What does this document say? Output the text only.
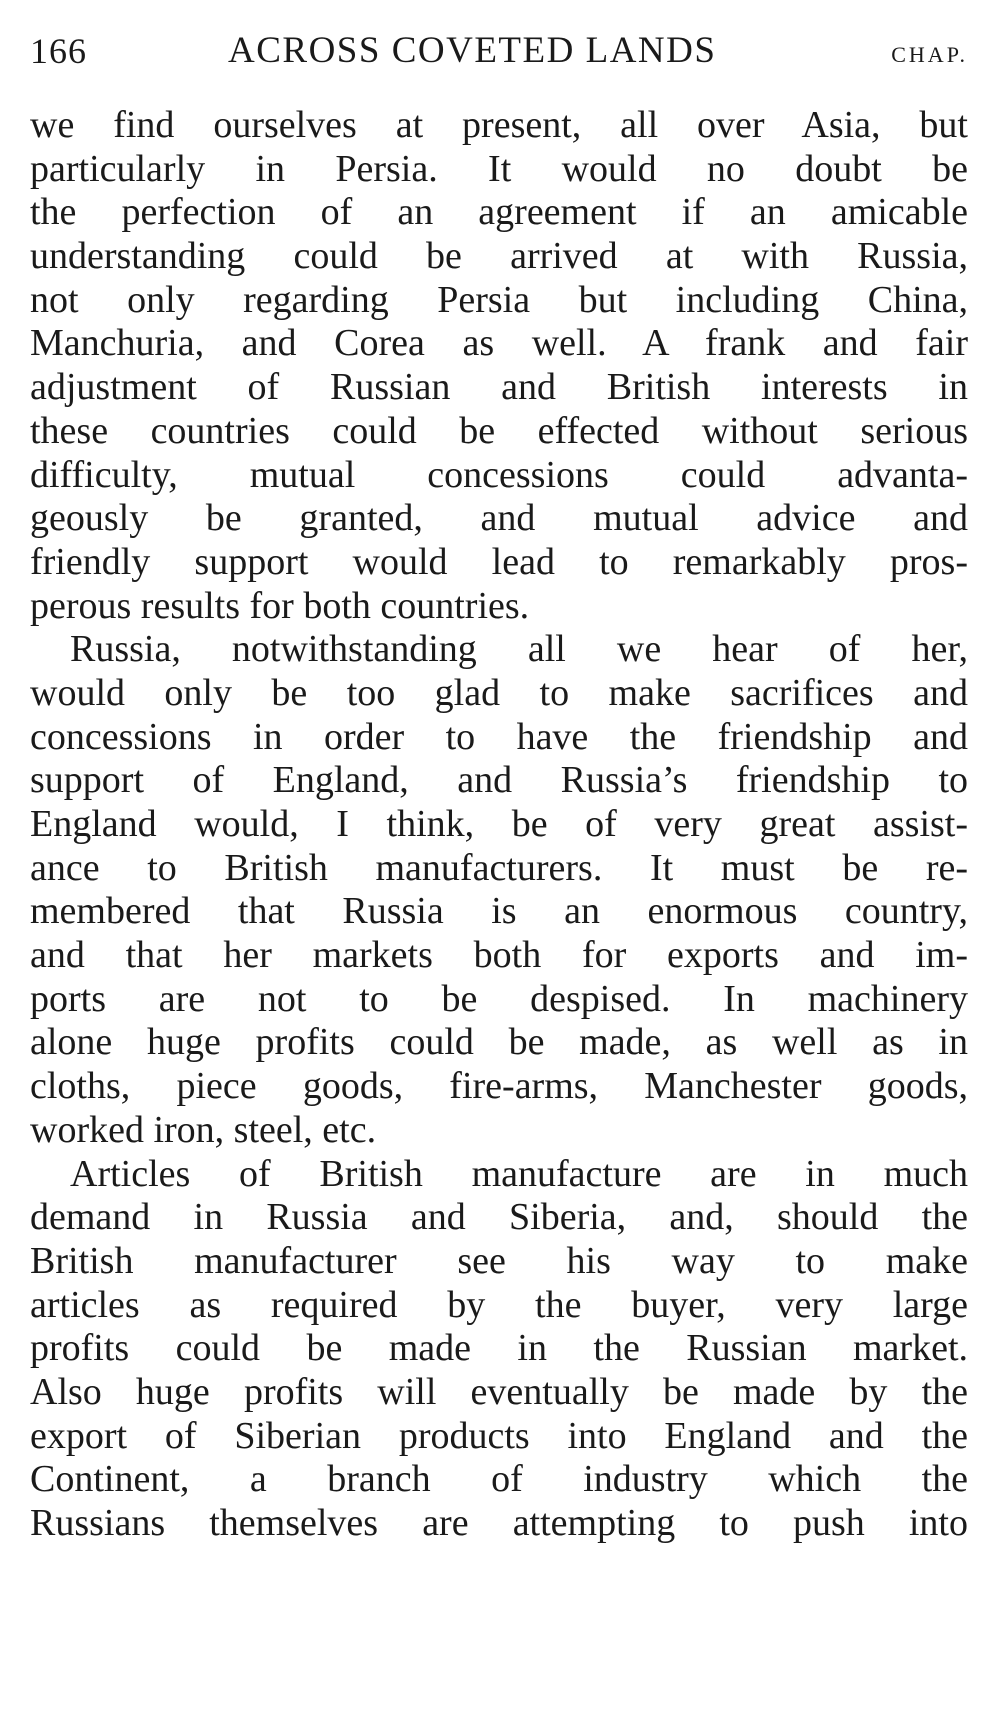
166	ACROSS COVETED LANDS	CHAP.
we find ourselves at present, all over Asia, but
particularly in Persia. It would no doubt be
the perfection of an agreement if an amicable
understanding could be arrived at with Russia,
not only regarding Persia but including China,
Manchuria, and Corea as well. A frank and fair
adjustment of Russian and British interests in
these countries could be effected without serious
difficulty, mutual concessions could advanta-
geously be granted, and mutual advice and
friendly support would lead to remarkably pros-
perous results for both countries.
Russia, notwithstanding all we hear of her,
would only be too glad to make sacrifices and
concessions in order to have the friendship and
support of England, and Russia’s friendship to
England would, I think, be of very great assist-
ance to British manufacturers. It must be re-
membered that Russia is an enormous country,
and that her markets both for exports and im-
ports are not to be despised. In machinery
alone huge profits could be made, as well as in
cloths, piece goods, fire-arms, Manchester goods,
worked iron, steel, etc.
Articles of British manufacture are in much
demand in Russia and Siberia, and, should the
British manufacturer see his way to make
articles as required by the buyer, very large
profits could be made in the Russian market.
Also huge profits will eventually be made by the
export of Siberian products into England and the
Continent, a branch of industry which the
Russians themselves are attempting to push into
